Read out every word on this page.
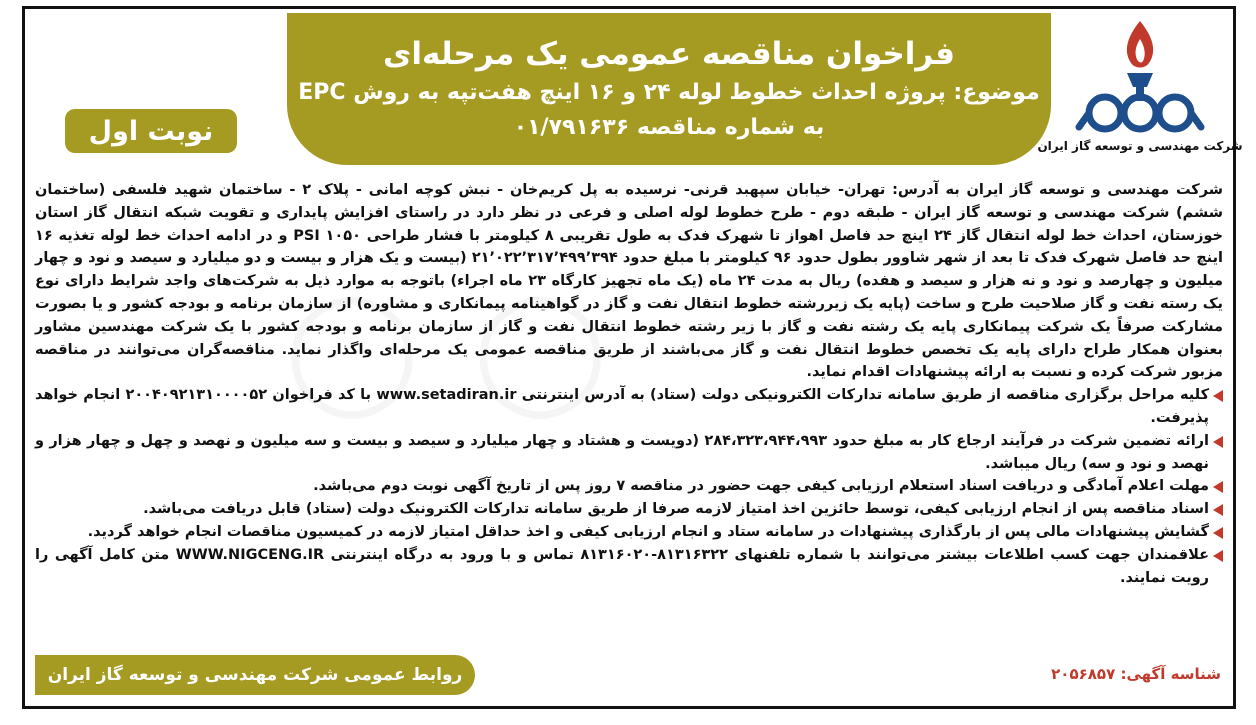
شرکت مهندسی و توسعه گاز ایران
فراخوان مناقصه عمومی یک مرحله‌ای
موضوع: پروژه احداث خطوط لوله ۲۴ و ۱۶ اینچ هفت‌تپه به روش EPC
به شماره مناقصه ۰۱/۷۹۱۶۳۶
نوبت اول

شرکت مهندسی و توسعه گاز ایران به آدرس: تهران- خیابان سپهبد قرنی- نرسیده به پل کریم‌خان - نبش کوچه امانی - پلاک ۲ - ساختمان شهید فلسفی (ساختمان ششم) شرکت مهندسی و توسعه گاز ایران - طبقه دوم - طرح خطوط لوله اصلی و فرعی در نظر دارد در راستای افزایش پایداری و تقویت شبکه انتقال گاز استان خوزستان، احداث خط لوله انتقال گاز ۲۴ اینچ حد فاصل اهواز تا شهرک فدک به طول تقریبی ۸ کیلومتر با فشار طراحی ۱۰۵۰ PSI و در ادامه احداث خط لوله تغذیه ۱۶ اینچ حد فاصل شهرک فدک تا بعد از شهر شاوور بطول حدود ۹۶ کیلومتر با مبلغ حدود ۲۱٬۰۲۲٬۳۱۷٬۴۹۹٬۳۹۴ (بیست و یک هزار و بیست و دو میلیارد و سیصد و نود و چهار میلیون و چهارصد و نود و نه هزار و سیصد و هفده) ریال به مدت ۲۴ ماه (یک ماه تجهیز کارگاه ۲۳ ماه اجراء) باتوجه به موارد ذیل به شرکت‌های واجد شرایط دارای نوع یک رسته نفت و گاز صلاحیت طرح و ساخت (پایه یک زیررشته خطوط انتقال نفت و گاز در گواهینامه پیمانکاری و مشاوره) از سازمان برنامه و بودجه کشور و یا بصورت مشارکت صرفاً یک شرکت پیمانکاری پایه یک رشته نفت و گاز با زیر رشته خطوط انتقال نفت و گاز از سازمان برنامه و بودجه کشور با یک شرکت مهندسین مشاور بعنوان همکار طراح دارای پایه یک تخصص خطوط انتقال نفت و گاز می‌باشند از طریق مناقصه عمومی یک مرحله‌ای واگذار نماید. مناقصه‌گران می‌توانند در مناقصه مزبور شرکت کرده و نسبت به ارائه پیشنهادات اقدام نماید.

کلیه مراحل برگزاری مناقصه از طریق سامانه تدارکات الکترونیکی دولت (ستاد) به آدرس اینترنتی www.setadiran.ir با کد فراخوان ۲۰۰۴۰۹۲۱۳۱۰۰۰۰۵۲ انجام خواهد پذیرفت.

ارائه تضمین شرکت در فرآیند ارجاع کار به مبلغ حدود ۲۸۴،۳۲۳،۹۴۴،۹۹۳ (دویست و هشتاد و چهار میلیارد و سیصد و بیست و سه میلیون و نهصد و چهل و چهار هزار و نهصد و نود و سه) ریال میباشد.

مهلت اعلام آمادگی و دریافت اسناد استعلام ارزیابی کیفی جهت حضور در مناقصه ۷ روز پس از تاریخ آگهی نوبت دوم می‌باشد.

اسناد مناقصه پس از انجام ارزیابی کیفی، توسط حائزین اخذ امتیاز لازمه صرفا از طریق سامانه تدارکات الکترونیک دولت (ستاد) قابل دریافت می‌باشد.

گشایش پیشنهادات مالی پس از بارگذاری پیشنهادات در سامانه ستاد و انجام ارزیابی کیفی و اخذ حداقل امتیاز لازمه در کمیسیون مناقصات انجام خواهد گردید.

علاقمندان جهت کسب اطلاعات بیشتر می‌توانند با شماره تلفنهای ۸۱۳۱۶۳۲۲-۸۱۳۱۶۰۲۰ تماس و با ورود به درگاه اینترنتی WWW.NIGCENG.IR متن کامل آگهی را رویت نمایند.

روابط عمومی شرکت مهندسی و توسعه گاز ایران	شناسه آگهی: ۲۰۵۶۸۵۷
